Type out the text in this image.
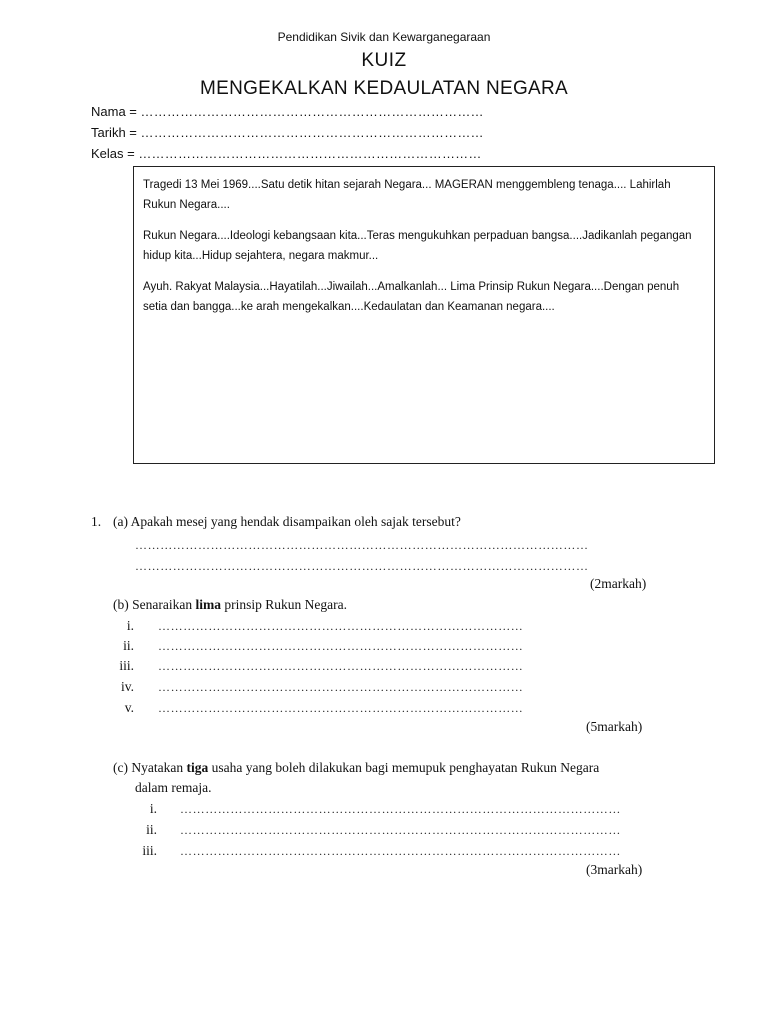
Pendidikan Sivik dan Kewarganegaraan
KUIZ
MENGEKALKAN KEDAULATAN NEGARA
Nama = ……………………………………………………………………
Tarikh = ……………………………………………………………………
Kelas = ……………………………………………………………………

Tragedi 13 Mei 1969....Satu detik hitan sejarah Negara... MAGERAN menggembleng tenaga.... Lahirlah Rukun Negara....

Rukun Negara....Ideologi kebangsaan kita...Teras mengukuhkan perpaduan bangsa....Jadikanlah pegangan hidup kita...Hidup sejahtera, negara makmur...

Ayuh. Rakyat Malaysia...Hayatilah...Jiwailah...Amalkanlah... Lima Prinsip Rukun Negara....Dengan penuh setia dan bangga...ke arah mengekalkan....Kedaulatan dan Keamanan negara....

1. (a) Apakah mesej yang hendak disampaikan oleh sajak tersebut?
………………………………………………………………………………………………
………………………………………………………………………………………………
(2markah)
(b) Senaraikan lima prinsip Rukun Negara.
i. ……………………………………………………………………………
ii. ……………………………………………………………………………
iii. ……………………………………………………………………………
iv. ……………………………………………………………………………
v. ……………………………………………………………………………
(5markah)
(c) Nyatakan tiga usaha yang boleh dilakukan bagi memupuk penghayatan Rukun Negara
dalam remaja.
i. ……………………………………………………………………………………………
ii. ……………………………………………………………………………………………
iii. ……………………………………………………………………………………………
(3markah)
